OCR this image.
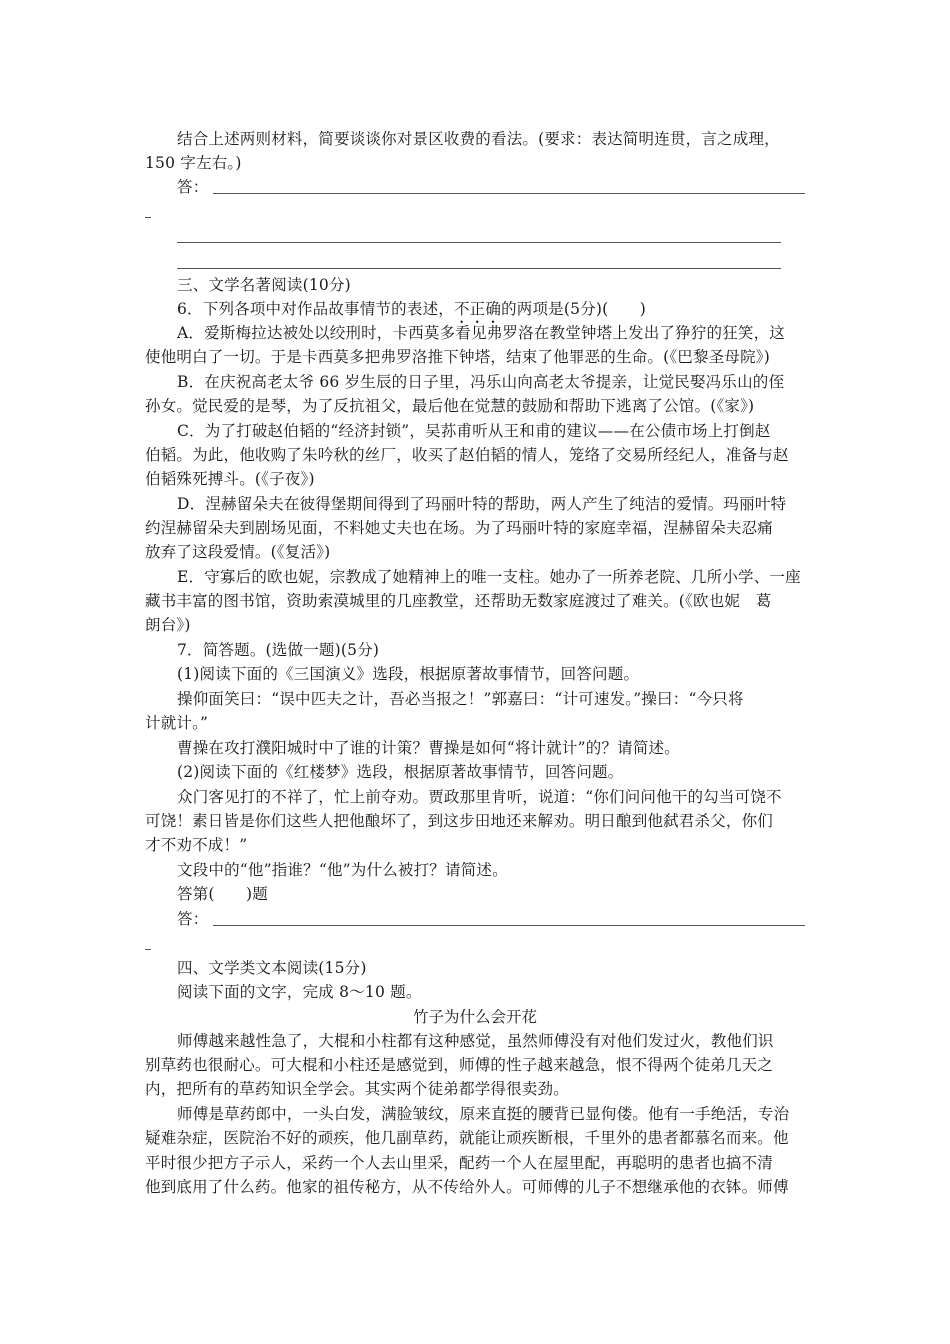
结合上述两则材料，简要谈谈你对景区收费的看法。(要求：表达简明连贯，言之成理，
150 字左右。)
答：
三、文学名著阅读(10分)
6．下列各项中对作品故事情节的表述，不正确的两项是(5分)(　　)
A．爱斯梅拉达被处以绞刑时，卡西莫多看见弗罗洛在教堂钟塔上发出了狰狞的狂笑，这
使他明白了一切。于是卡西莫多把弗罗洛推下钟塔，结束了他罪恶的生命。(《巴黎圣母院》)
B．在庆祝高老太爷 66 岁生辰的日子里，冯乐山向高老太爷提亲，让觉民娶冯乐山的侄
孙女。觉民爱的是琴，为了反抗祖父，最后他在觉慧的鼓励和帮助下逃离了公馆。(《家》)
C．为了打破赵伯韬的“经济封锁”，吴荪甫听从王和甫的建议——在公债市场上打倒赵
伯韬。为此，他收购了朱吟秋的丝厂，收买了赵伯韬的情人，笼络了交易所经纪人，准备与赵
伯韬殊死搏斗。(《子夜》)
D．涅赫留朵夫在彼得堡期间得到了玛丽叶特的帮助，两人产生了纯洁的爱情。玛丽叶特
约涅赫留朵夫到剧场见面，不料她丈夫也在场。为了玛丽叶特的家庭幸福，涅赫留朵夫忍痛
放弃了这段爱情。(《复活》)
E．守寡后的欧也妮，宗教成了她精神上的唯一支柱。她办了一所养老院、几所小学、一座
藏书丰富的图书馆，资助索漠城里的几座教堂，还帮助无数家庭渡过了难关。(《欧也妮　葛
朗台》)
7．简答题。(选做一题)(5分)
(1)阅读下面的《三国演义》选段，根据原著故事情节，回答问题。
操仰面笑曰：“误中匹夫之计，吾必当报之！”郭嘉曰：“计可速发。”操曰：“今只将
计就计。”
曹操在攻打濮阳城时中了谁的计策？曹操是如何“将计就计”的？请简述。
(2)阅读下面的《红楼梦》选段，根据原著故事情节，回答问题。
众门客见打的不祥了，忙上前夺劝。贾政那里肯听，说道：“你们问问他干的勾当可饶不
可饶！素日皆是你们这些人把他酿坏了，到这步田地还来解劝。明日酿到他弑君杀父，你们
才不劝不成！”
文段中的“他”指谁？“他”为什么被打？请简述。
答第(　　)题
答：
四、文学类文本阅读(15分)
阅读下面的文字，完成 8～10 题。
竹子为什么会开花
师傅越来越性急了，大棍和小柱都有这种感觉，虽然师傅没有对他们发过火，教他们识
别草药也很耐心。可大棍和小柱还是感觉到，师傅的性子越来越急，恨不得两个徒弟几天之
内，把所有的草药知识全学会。其实两个徒弟都学得很卖劲。
师傅是草药郎中，一头白发，满脸皱纹，原来直挺的腰背已显佝偻。他有一手绝活，专治
疑难杂症，医院治不好的顽疾，他几副草药，就能让顽疾断根，千里外的患者都慕名而来。他
平时很少把方子示人，采药一个人去山里采，配药一个人在屋里配，再聪明的患者也搞不清
他到底用了什么药。他家的祖传秘方，从不传给外人。可师傅的儿子不想继承他的衣钵。师傅
